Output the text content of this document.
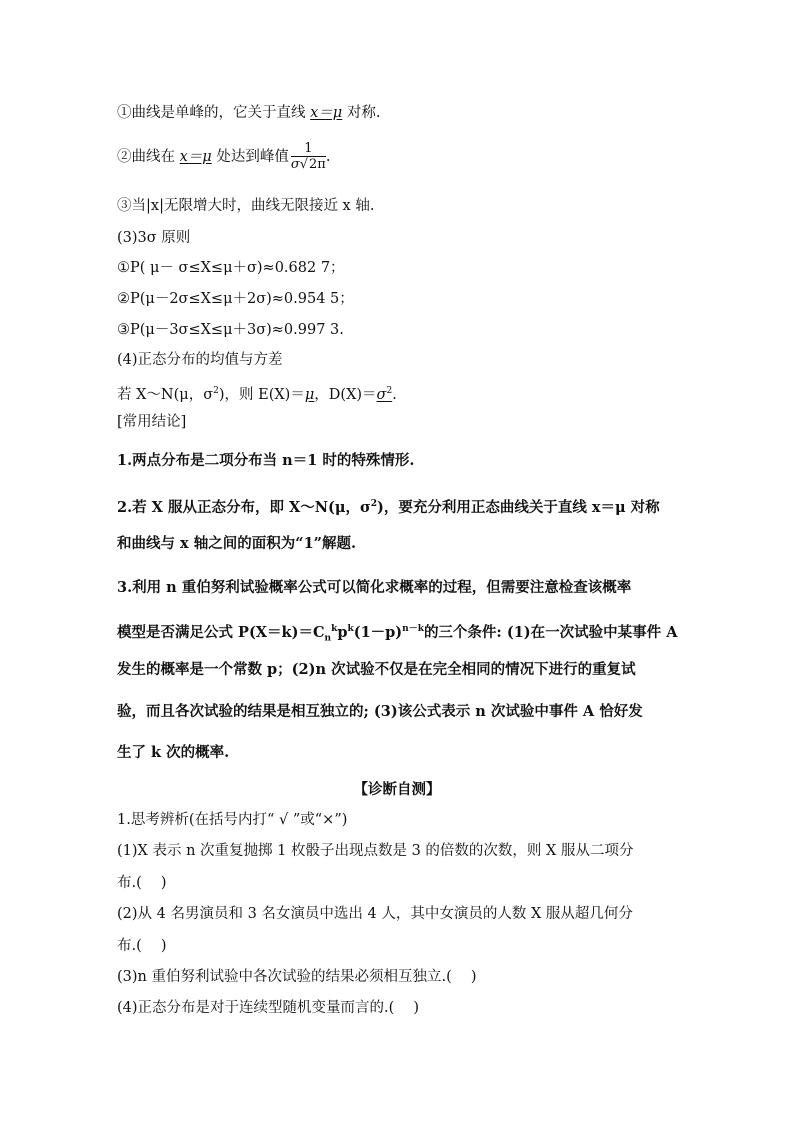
①曲线是单峰的，它关于直线 x＝μ 对称.
②曲线在 x＝μ 处达到峰值 $\frac{1}{\sigma√2\pi}$ .
③当|x|无限增大时，曲线无限接近 x 轴.
(3)3σ 原则
①P( μ－ σ≤X≤μ＋σ)≈0.682 7；
②P(μ－2σ≤X≤μ＋2σ)≈0.954 5；
③P(μ－3σ≤X≤μ＋3σ)≈0.997 3.
(4)正态分布的均值与方差
若 X～N(μ，$\sigma^2$)，则 E(X)＝μ，$D(X)=\sigma^2$.
[常用结论]
1.两点分布是二项分布当 n＝1 时的特殊情形.
2.若 X 服从正态分布，即 X～N(μ，$\sigma^2$)，要充分利用正态曲线关于直线 x＝μ 对称
和曲线与 x 轴之间的面积为“1”解题.
3.利用 n 重伯努利试验概率公式可以简化求概率的过程，但需要注意检查该概率
模型是否满足公式 $P(X=k)=C_n^kp^k(1-p)^{n-k}$的三个条件: (1)在一次试验中某事件 A
发生的概率是一个常数 p；(2)n 次试验不仅是在完全相同的情况下进行的重复试
验，而且各次试验的结果是相互独立的; (3)该公式表示 n 次试验中事件 A 恰好发
生了 k 次的概率.
【诊断自测】
1.思考辨析(在括号内打“ √ ”或“×”)
(1)X 表示 n 次重复抛掷 1 枚骰子出现点数是 3 的倍数的次数，则 X 服从二项分
布.(　 )
(2)从 4 名男演员和 3 名女演员中选出 4 人，其中女演员的人数 X 服从超几何分
布.(　 )
(3)n 重伯努利试验中各次试验的结果必须相互独立.(　 )
(4)正态分布是对于连续型随机变量而言的.(　 )
